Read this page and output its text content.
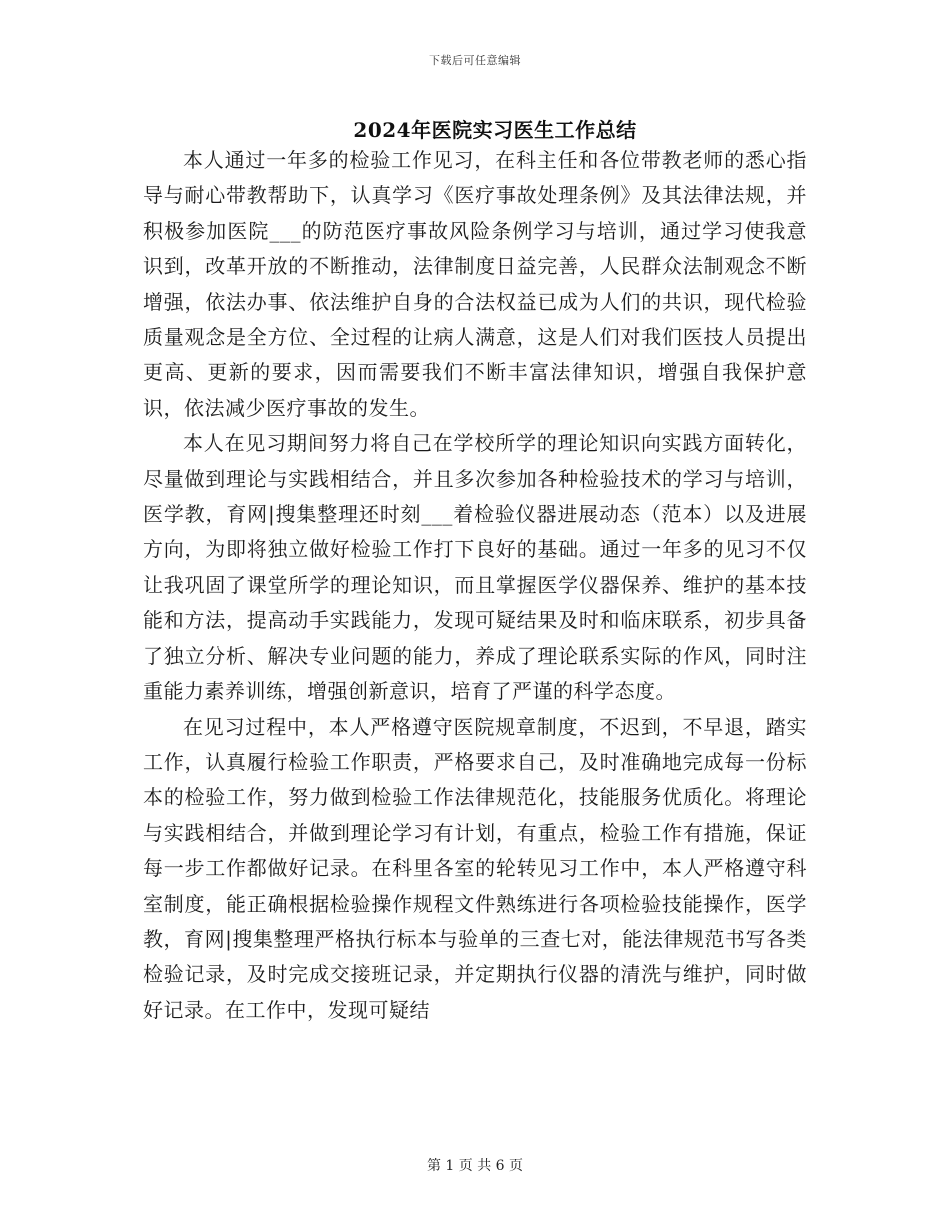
下载后可任意编辑
2024年医院实习医生工作总结

本人通过一年多的检验工作见习，在科主任和各位带教老师的悉心指导与耐心带教帮助下，认真学习《医疗事故处理条例》及其法律法规，并积极参加医院___的防范医疗事故风险条例学习与培训，通过学习使我意识到，改革开放的不断推动，法律制度日益完善，人民群众法制观念不断增强，依法办事、依法维护自身的合法权益已成为人们的共识，现代检验质量观念是全方位、全过程的让病人满意，这是人们对我们医技人员提出更高、更新的要求，因而需要我们不断丰富法律知识，增强自我保护意识，依法减少医疗事故的发生。

本人在见习期间努力将自己在学校所学的理论知识向实践方面转化，尽量做到理论与实践相结合，并且多次参加各种检验技术的学习与培训，医学教，育网|搜集整理还时刻___着检验仪器进展动态（范本）以及进展方向，为即将独立做好检验工作打下良好的基础。通过一年多的见习不仅让我巩固了课堂所学的理论知识，而且掌握医学仪器保养、维护的基本技能和方法，提高动手实践能力，发现可疑结果及时和临床联系，初步具备了独立分析、解决专业问题的能力，养成了理论联系实际的作风，同时注重能力素养训练，增强创新意识，培育了严谨的科学态度。

在见习过程中，本人严格遵守医院规章制度，不迟到，不早退，踏实工作，认真履行检验工作职责，严格要求自己，及时准确地完成每一份标本的检验工作，努力做到检验工作法律规范化，技能服务优质化。将理论与实践相结合，并做到理论学习有计划，有重点，检验工作有措施，保证每一步工作都做好记录。在科里各室的轮转见习工作中，本人严格遵守科室制度，能正确根据检验操作规程文件熟练进行各项检验技能操作，医学教，育网|搜集整理严格执行标本与验单的三查七对，能法律规范书写各类检验记录，及时完成交接班记录，并定期执行仪器的清洗与维护，同时做好记录。在工作中，发现可疑结

第 1 页 共 6 页
